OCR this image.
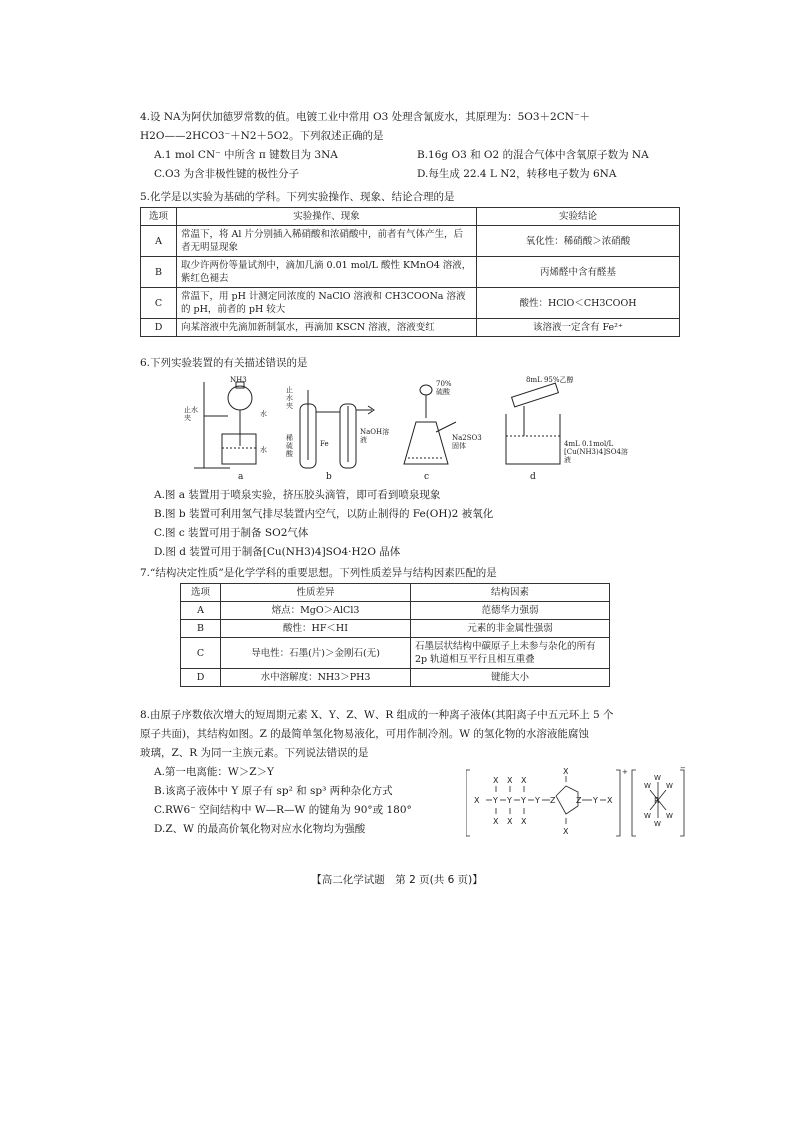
4.设 NA为阿伏加德罗常数的值。电镀工业中常用 O3 处理含氰废水，其原理为：5O3＋2CN⁻＋

H2O——2HCO3⁻＋N2＋5O2。下列叙述正确的是

A.1 mol CN⁻ 中所含 π 键数目为 3NA	B.16g O3 和 O2 的混合气体中含氧原子数为 NA
C.O3 为含非极性键的极性分子	D.每生成 22.4 L N2，转移电子数为 6NA

5.化学是以实验为基础的学科。下列实验操作、现象、结论合理的是

选项	实验操作、现象	实验结论
A	常温下，将 Al 片分别插入稀硝酸和浓硝酸中，前者有气体产生，后者无明显现象	氧化性：稀硝酸＞浓硝酸
B	取少许两份等量试剂中，滴加几滴 0.01 mol/L 酸性 KMnO4 溶液，紫红色褪去	丙烯醛中含有醛基
C	常温下，用 pH 计测定同浓度的 NaClO 溶液和 CH3COONa 溶液的 pH，前者的 pH 较大	酸性：HClO＜CH3COOH
D	向某溶液中先滴加新制氯水，再滴加 KSCN 溶液，溶液变红	该溶液一定含有 Fe²⁺

6.下列实验装置的有关描述错误的是

NH3
止水夹	水
水
止水夹
稀硫酸
Fe
NaOH溶液
70%硫酸
Na2SO3固体
8mL 95%乙醇
4mL 0.1mol/L [Cu(NH3)4]SO4溶液
a	b	c	d
A.图 a 装置用于喷泉实验，挤压胶头滴管，即可看到喷泉现象
B.图 b 装置可利用氢气排尽装置内空气，以防止制得的 Fe(OH)2 被氧化
C.图 c 装置可用于制备 SO2气体
D.图 d 装置可用于制备[Cu(NH3)4]SO4·H2O 晶体

7.“结构决定性质”是化学学科的重要思想。下列性质差异与结构因素匹配的是

选项	性质差异	结构因素
A	熔点：MgO＞AlCl3	范德华力强弱
B	酸性：HF＜HI	元素的非金属性强弱
C	导电性：石墨(片)＞金刚石(无)	石墨层状结构中碳原子上未参与杂化的所有 2p 轨道相互平行且相互重叠
D	水中溶解度：NH3＞PH3	键能大小

8.由原子序数依次增大的短周期元素 X、Y、Z、W、R 组成的一种离子液体(其阳离子中五元环上 5 个

原子共面)，其结构如图。Z 的最简单氢化物易液化，可用作制冷剂。W 的氢化物的水溶液能腐蚀

玻璃，Z、R 为同一主族元素。下列说法错误的是

A.第一电离能：W＞Z＞Y
B.该离子液体中 Y 原子有 sp² 和 sp³ 两种杂化方式
C.RW6⁻ 空间结构中 W—R—W 的键角为 90°或 180°
D.Z、W 的最高价氧化物对应水化物均为强酸
X Y Y Y Y Z	Z Y X
X X X
X X X
X
X
+
R
W W
W W
W
W
−
【高二化学试题　第 2 页(共 6 页)】
